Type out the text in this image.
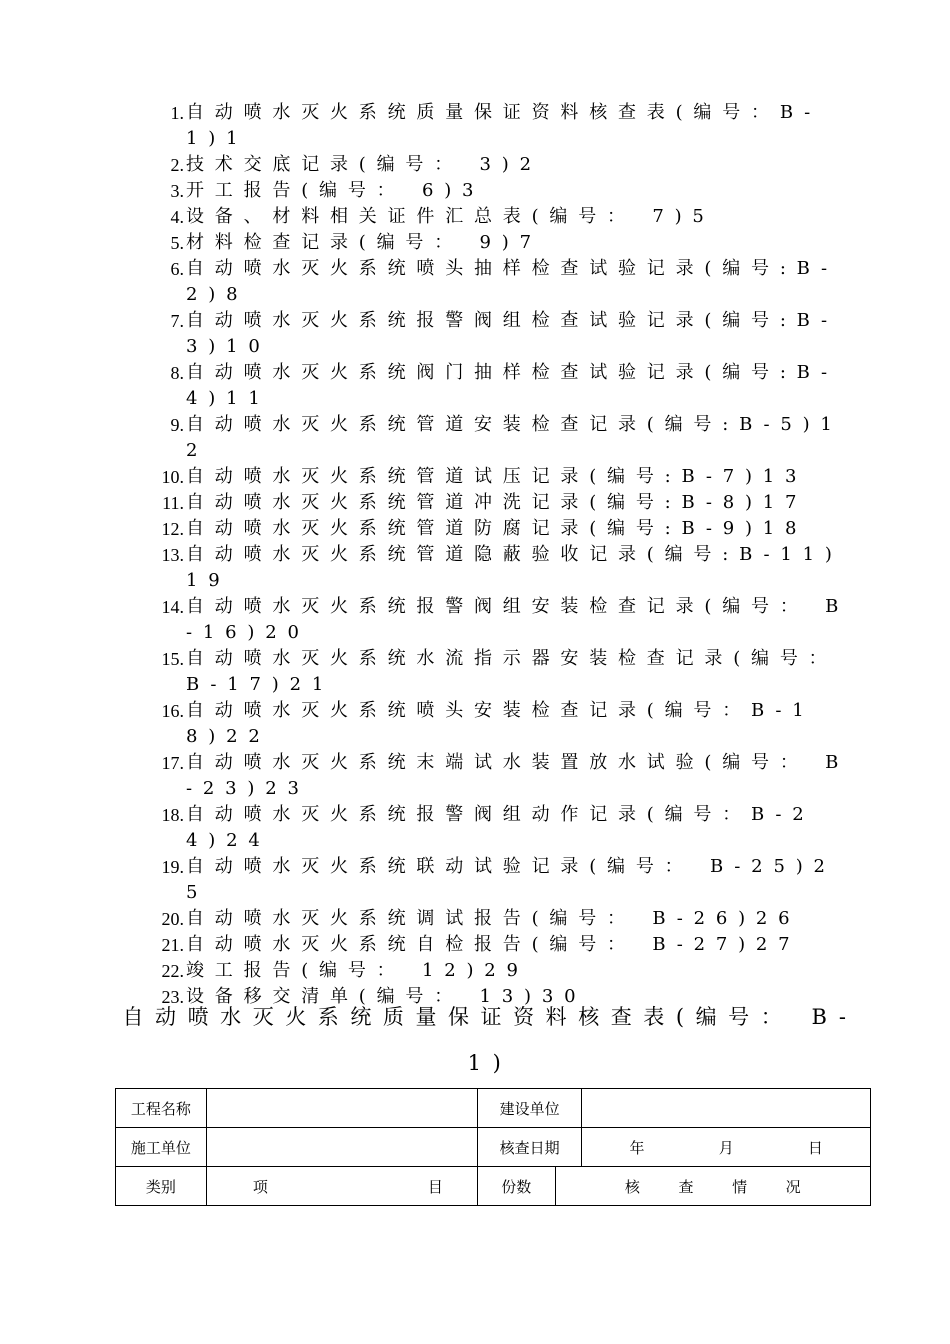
1. 自动喷水灭火系统质量保证资料核查表(编号：B-1)1
2. 技术交底记录(编号： 3)2
3. 开工报告(编号： 6)3
4. 设备、材料相关证件汇总表(编号： 7)5
5. 材料检查记录(编号： 9)7
6. 自动喷水灭火系统喷头抽样检查试验记录(编号:B-2)8
7. 自动喷水灭火系统报警阀组检查试验记录(编号:B-3)10
8. 自动喷水灭火系统阀门抽样检查试验记录(编号:B-4)11
9. 自动喷水灭火系统管道安装检查记录(编号:B-5)12
10. 自动喷水灭火系统管道试压记录(编号:B-7)13
11. 自动喷水灭火系统管道冲洗记录(编号:B-8)17
12. 自动喷水灭火系统管道防腐记录(编号:B-9)18
13. 自动喷水灭火系统管道隐蔽验收记录(编号:B-11)19
14. 自动喷水灭火系统报警阀组安装检查记录(编号： B-16)20
15. 自动喷水灭火系统水流指示器安装检查记录(编号： B-17)21
16. 自动喷水灭火系统喷头安装检查记录(编号：B-18)22
17. 自动喷水灭火系统末端试水装置放水试验(编号： B-23)23
18. 自动喷水灭火系统报警阀组动作记录(编号：B-24)24
19. 自动喷水灭火系统联动试验记录(编号： B-25)25
20. 自动喷水灭火系统调试报告(编号： B-26)26
21. 自动喷水灭火系统自检报告(编号： B-27)27
22. 竣工报告(编号： 12)29
23. 设备移交清单(编号： 13)30
自动喷水灭火系统质量保证资料核查表(编号： B-1)
工程名称		建设单位		
施工单位		核查日期		年 月 日

类别	项 目	份数	核 查 情 况	
